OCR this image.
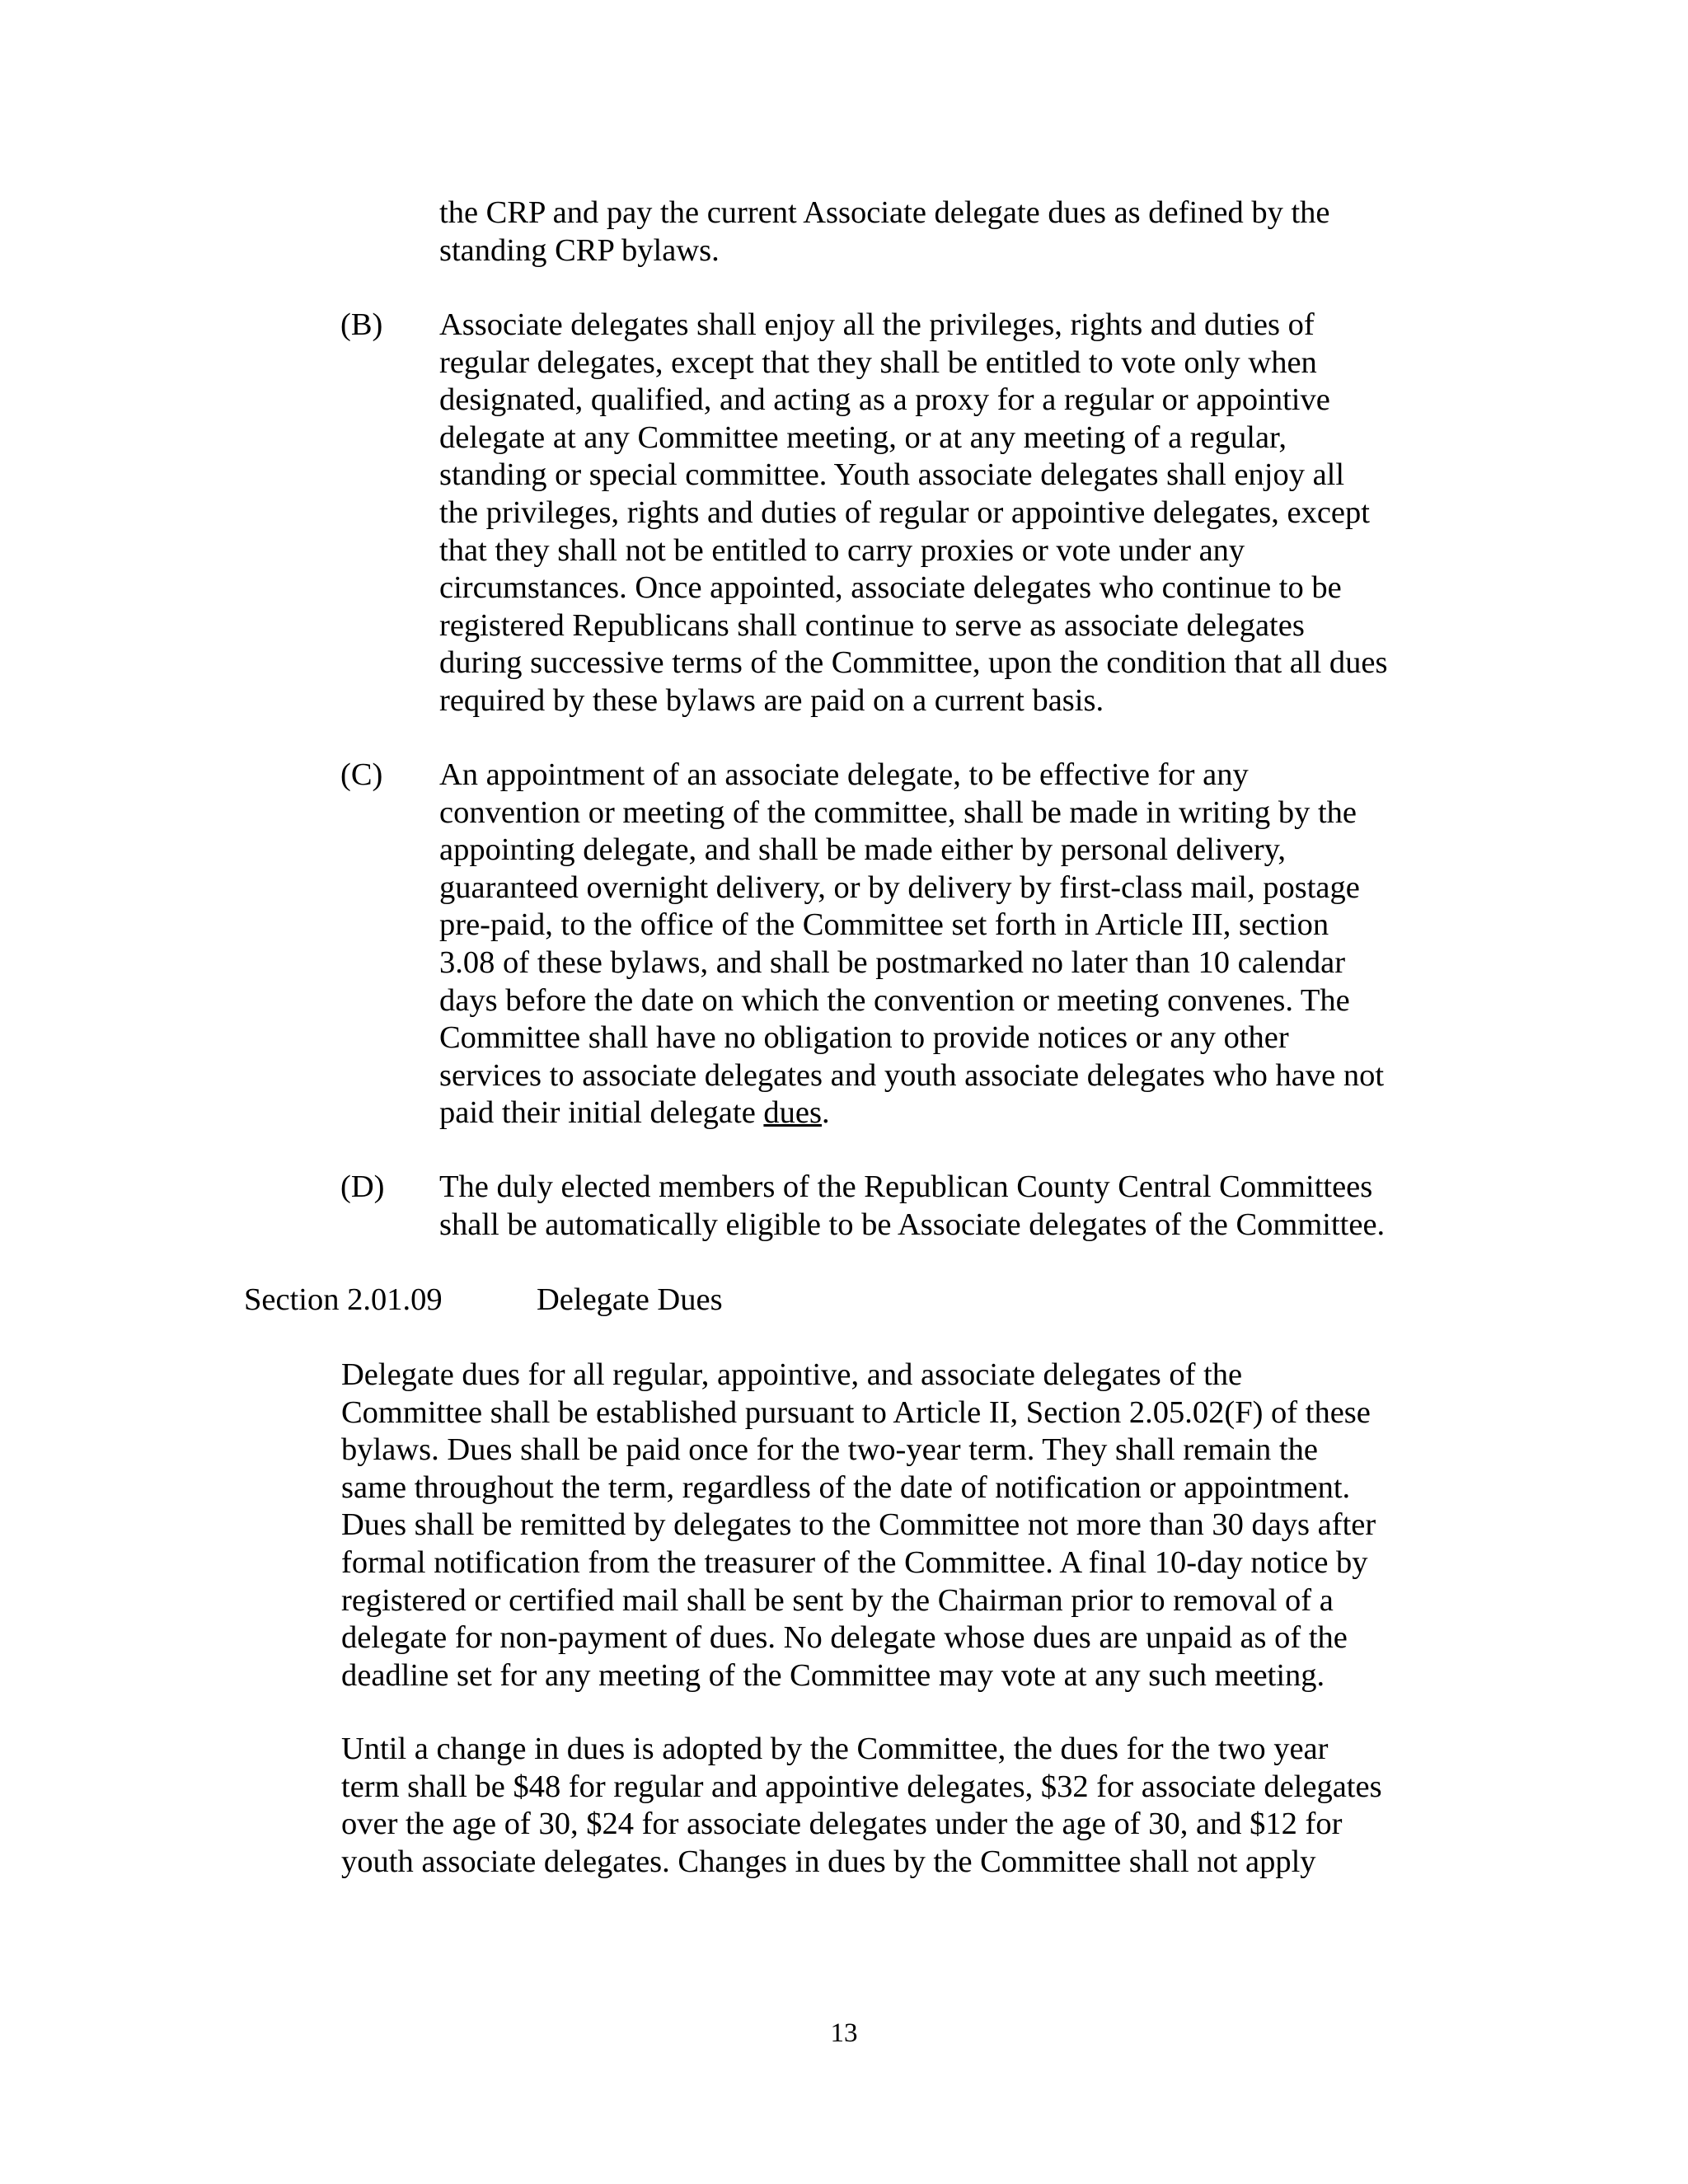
the CRP and pay the current Associate delegate dues as defined by the
standing CRP bylaws.
(B) Associate delegates shall enjoy all the privileges, rights and duties of
regular delegates, except that they shall be entitled to vote only when
designated, qualified, and acting as a proxy for a regular or appointive
delegate at any Committee meeting, or at any meeting of a regular,
standing or special committee. Youth associate delegates shall enjoy all
the privileges, rights and duties of regular or appointive delegates, except
that they shall not be entitled to carry proxies or vote under any
circumstances. Once appointed, associate delegates who continue to be
registered Republicans shall continue to serve as associate delegates
during successive terms of the Committee, upon the condition that all dues
required by these bylaws are paid on a current basis.
(C) An appointment of an associate delegate, to be effective for any
convention or meeting of the committee, shall be made in writing by the
appointing delegate, and shall be made either by personal delivery,
guaranteed overnight delivery, or by delivery by first-class mail, postage
pre-paid, to the office of the Committee set forth in Article III, section
3.08 of these bylaws, and shall be postmarked no later than 10 calendar
days before the date on which the convention or meeting convenes. The
Committee shall have no obligation to provide notices or any other
services to associate delegates and youth associate delegates who have not
paid their initial delegate dues.
(D) The duly elected members of the Republican County Central Committees
shall be automatically eligible to be Associate delegates of the Committee.
Section 2.01.09	Delegate Dues
Delegate dues for all regular, appointive, and associate delegates of the
Committee shall be established pursuant to Article II, Section 2.05.02(F) of these
bylaws. Dues shall be paid once for the two-year term. They shall remain the
same throughout the term, regardless of the date of notification or appointment.
Dues shall be remitted by delegates to the Committee not more than 30 days after
formal notification from the treasurer of the Committee. A final 10-day notice by
registered or certified mail shall be sent by the Chairman prior to removal of a
delegate for non-payment of dues. No delegate whose dues are unpaid as of the
deadline set for any meeting of the Committee may vote at any such meeting.
Until a change in dues is adopted by the Committee, the dues for the two year
term shall be $48 for regular and appointive delegates, $32 for associate delegates
over the age of 30, $24 for associate delegates under the age of 30, and $12 for
youth associate delegates. Changes in dues by the Committee shall not apply
13
